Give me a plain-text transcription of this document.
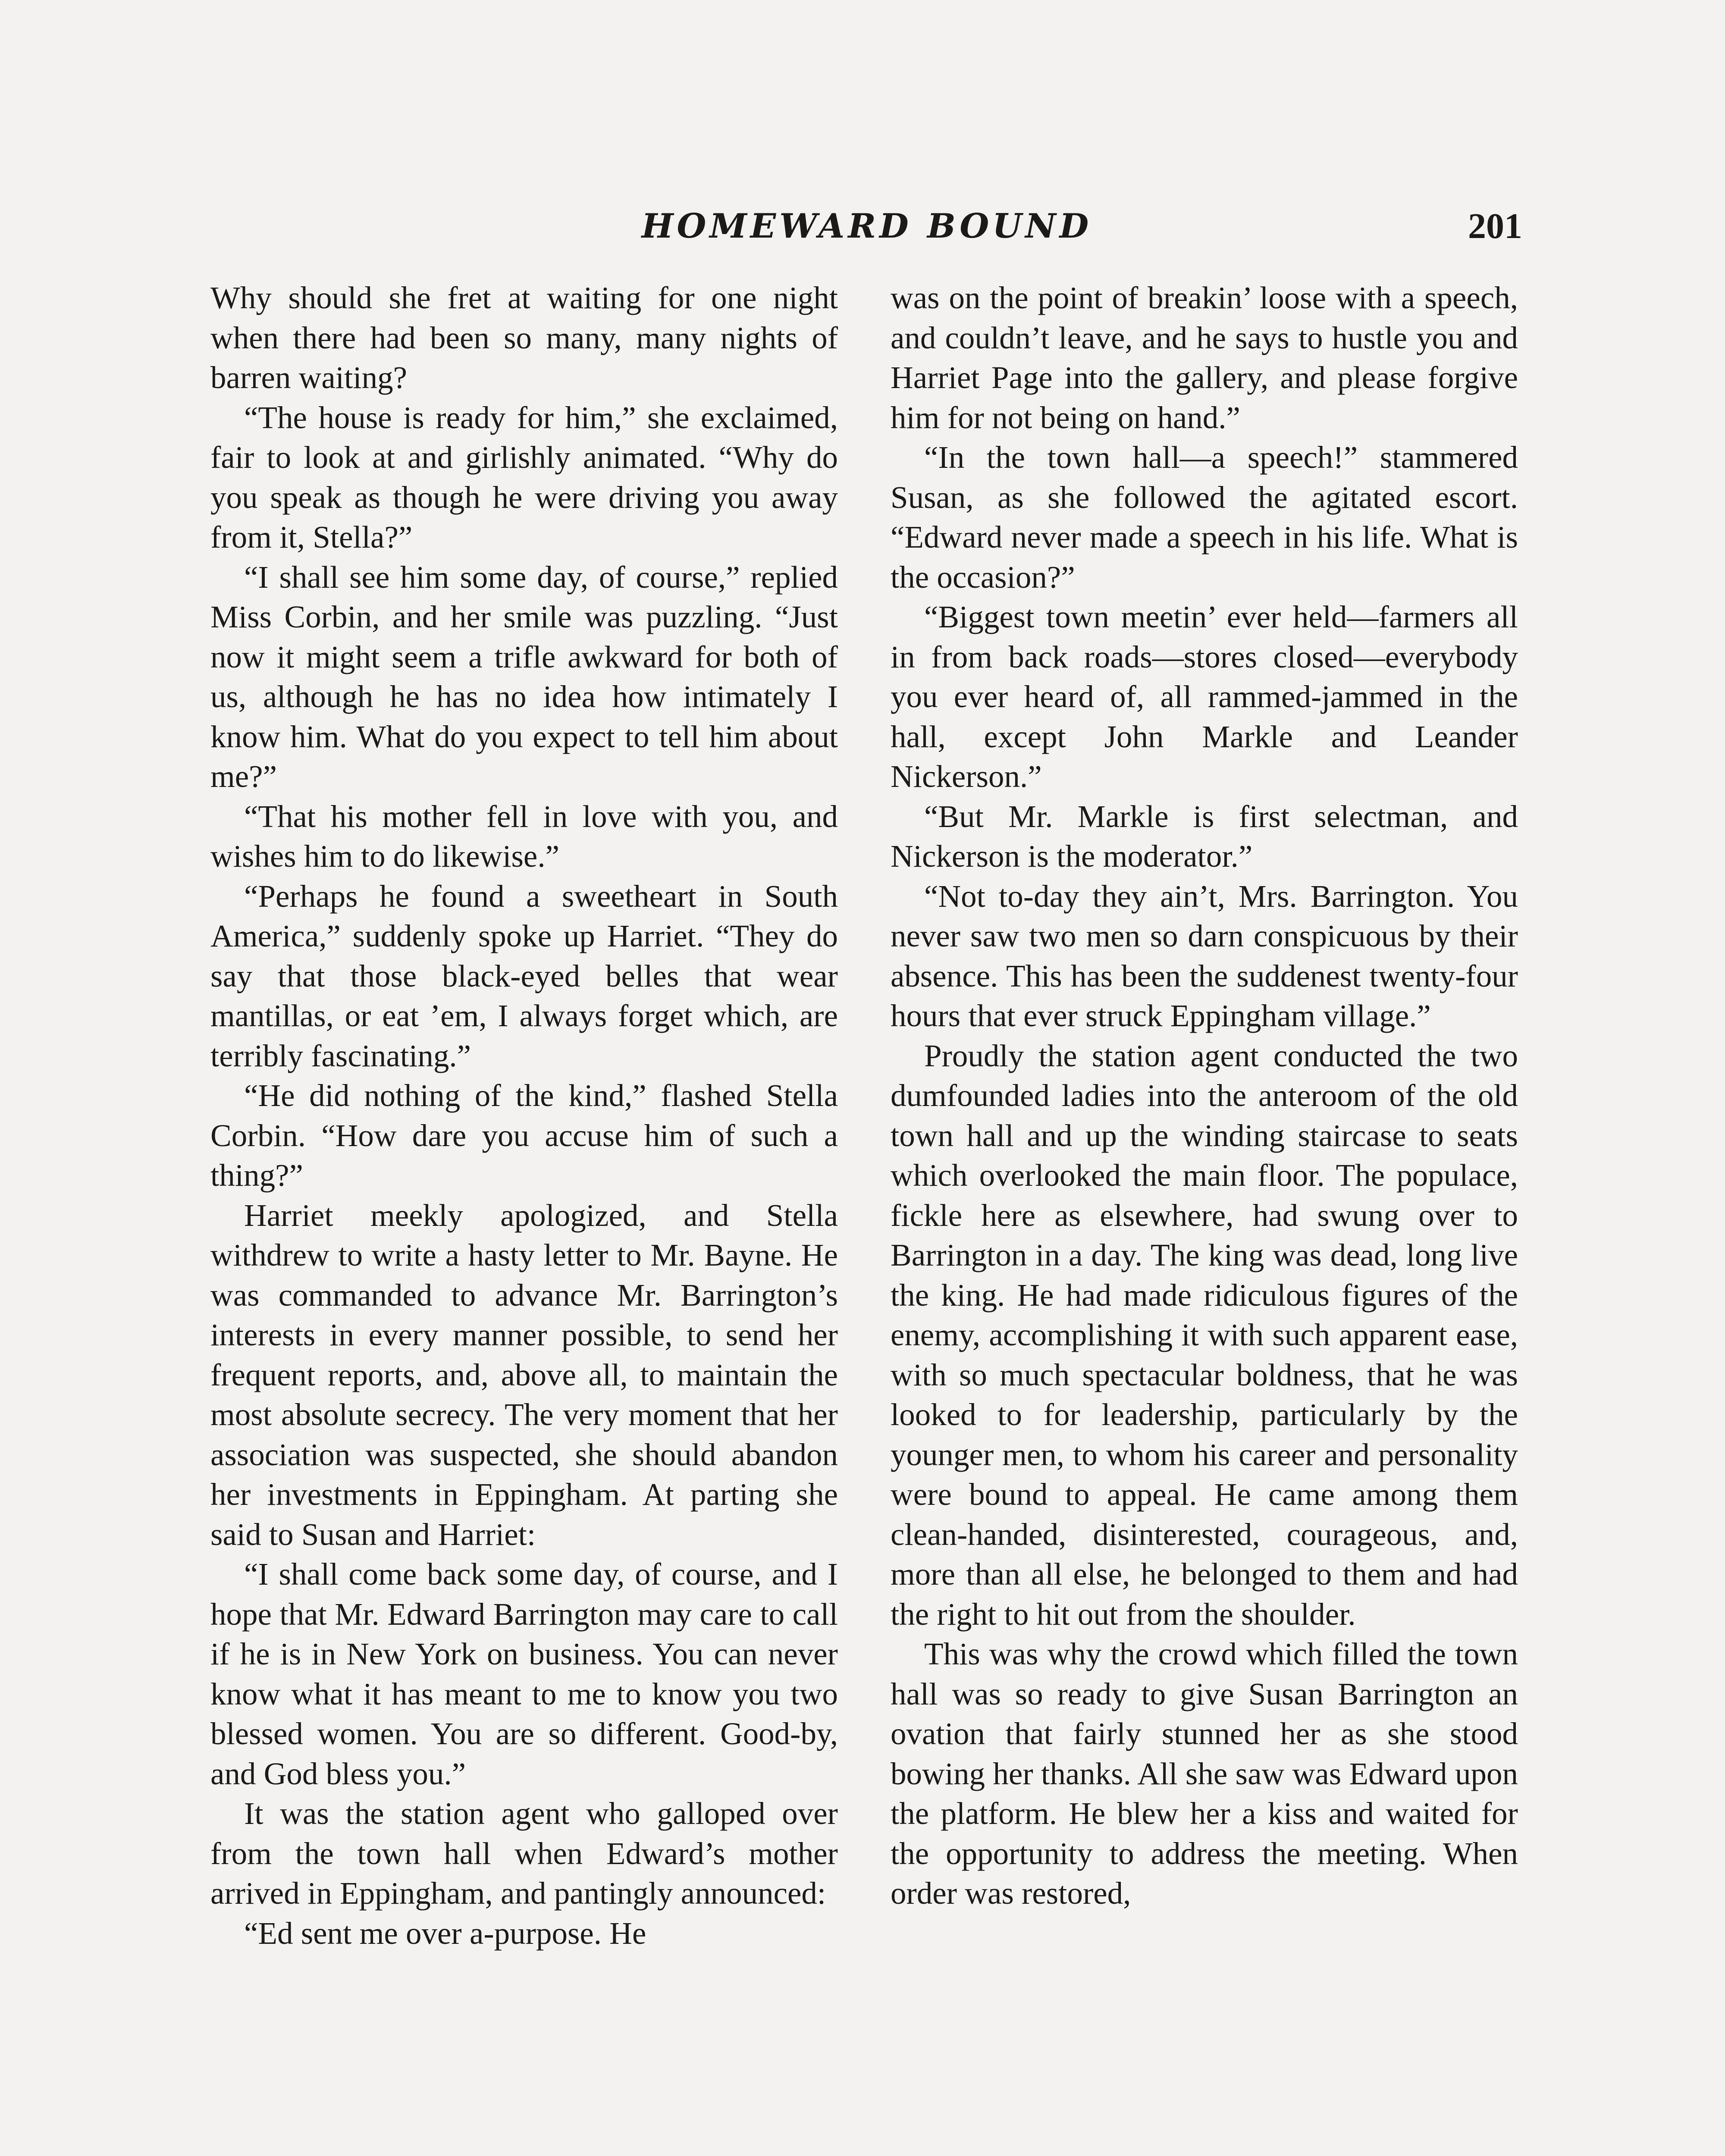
HOMEWARD BOUND	201

Why should she fret at waiting for one night when there had been so many, many nights of barren waiting?

“The house is ready for him,” she exclaimed, fair to look at and girlishly animated. “Why do you speak as though he were driving you away from it, Stella?”

“I shall see him some day, of course,” replied Miss Corbin, and her smile was puzzling. “Just now it might seem a trifle awkward for both of us, although he has no idea how intimately I know him. What do you expect to tell him about me?”

“That his mother fell in love with you, and wishes him to do likewise.”

“Perhaps he found a sweetheart in South America,” suddenly spoke up Harriet. “They do say that those black-eyed belles that wear mantillas, or eat ’em, I always forget which, are terribly fascinating.”

“He did nothing of the kind,” flashed Stella Corbin. “How dare you accuse him of such a thing?”

Harriet meekly apologized, and Stella withdrew to write a hasty letter to Mr. Bayne. He was commanded to advance Mr. Barrington’s interests in every manner possible, to send her frequent reports, and, above all, to maintain the most absolute secrecy. The very moment that her association was suspected, she should abandon her investments in Eppingham. At parting she said to Susan and Harriet:

“I shall come back some day, of course, and I hope that Mr. Edward Barrington may care to call if he is in New York on business. You can never know what it has meant to me to know you two blessed women. You are so different. Good-by, and God bless you.”

It was the station agent who galloped over from the town hall when Edward’s mother arrived in Eppingham, and pantingly announced:

“Ed sent me over a-purpose. He

was on the point of breakin’ loose with a speech, and couldn’t leave, and he says to hustle you and Harriet Page into the gallery, and please forgive him for not being on hand.”

“In the town hall—a speech!” stammered Susan, as she followed the agitated escort. “Edward never made a speech in his life. What is the occasion?”

“Biggest town meetin’ ever held—farmers all in from back roads—stores closed—everybody you ever heard of, all rammed-jammed in the hall, except John Markle and Leander Nickerson.”

“But Mr. Markle is first selectman, and Nickerson is the moderator.”

“Not to-day they ain’t, Mrs. Barrington. You never saw two men so darn conspicuous by their absence. This has been the suddenest twenty-four hours that ever struck Eppingham village.”

Proudly the station agent conducted the two dumfounded ladies into the anteroom of the old town hall and up the winding staircase to seats which overlooked the main floor. The populace, fickle here as elsewhere, had swung over to Barrington in a day. The king was dead, long live the king. He had made ridiculous figures of the enemy, accomplishing it with such apparent ease, with so much spectacular boldness, that he was looked to for leadership, particularly by the younger men, to whom his career and personality were bound to appeal. He came among them clean-handed, disinterested, courageous, and, more than all else, he belonged to them and had the right to hit out from the shoulder.

This was why the crowd which filled the town hall was so ready to give Susan Barrington an ovation that fairly stunned her as she stood bowing her thanks. All she saw was Edward upon the platform. He blew her a kiss and waited for the opportunity to address the meeting. When order was restored,
